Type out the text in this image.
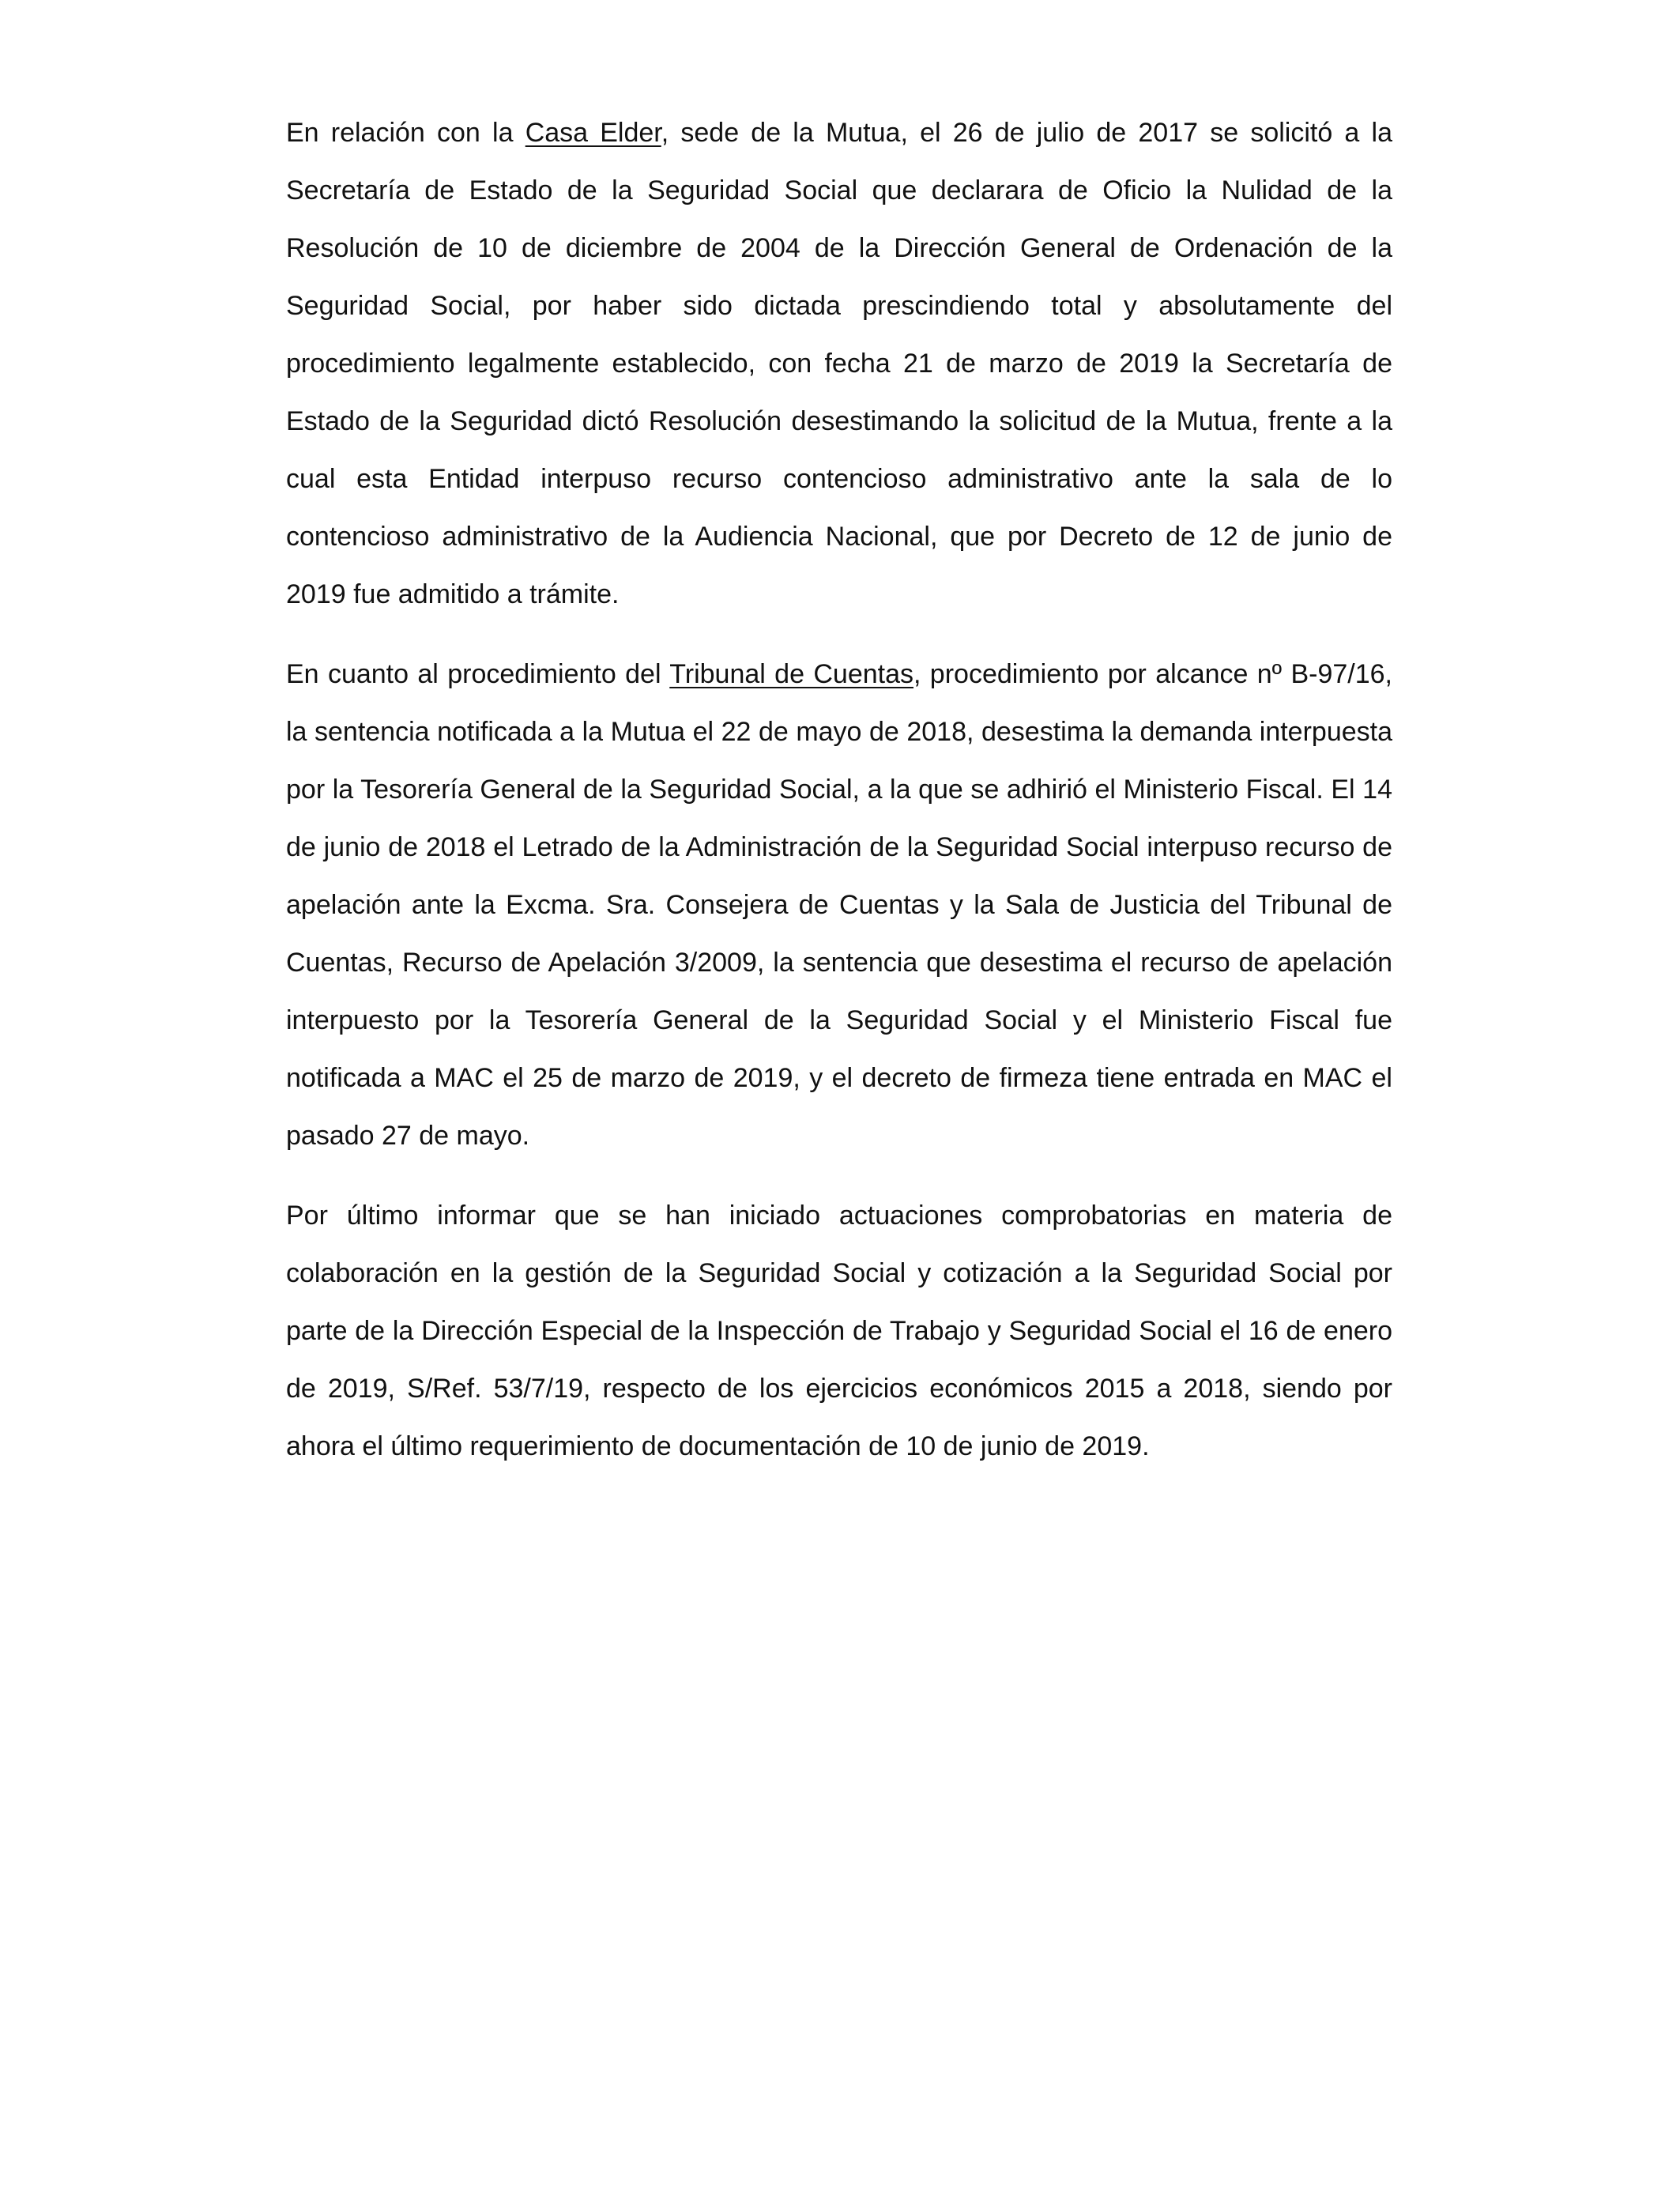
En relación con la Casa Elder, sede de la Mutua, el 26 de julio de 2017 se solicitó a la Secretaría de Estado de la Seguridad Social que declarara de Oficio la Nulidad de la Resolución de 10 de diciembre de 2004 de la Dirección General de Ordenación de la Seguridad Social, por haber sido dictada prescindiendo total y absolutamente del procedimiento legalmente establecido, con fecha 21 de marzo de 2019 la Secretaría de Estado de la Seguridad dictó Resolución desestimando la solicitud de la Mutua, frente a la cual esta Entidad interpuso recurso contencioso administrativo ante la sala de lo contencioso administrativo de la Audiencia Nacional, que por Decreto de 12 de junio de 2019 fue admitido a trámite.

En cuanto al procedimiento del Tribunal de Cuentas, procedimiento por alcance nº B-97/16, la sentencia notificada a la Mutua el 22 de mayo de 2018, desestima la demanda interpuesta por la Tesorería General de la Seguridad Social, a la que se adhirió el Ministerio Fiscal. El 14 de junio de 2018 el Letrado de la Administración de la Seguridad Social interpuso recurso de apelación ante la Excma. Sra. Consejera de Cuentas y la Sala de Justicia del Tribunal de Cuentas, Recurso de Apelación 3/2009, la sentencia que desestima el recurso de apelación interpuesto por la Tesorería General de la Seguridad Social y el Ministerio Fiscal fue notificada a MAC el 25 de marzo de 2019, y el decreto de firmeza tiene entrada en MAC el pasado 27 de mayo.

Por último informar que se han iniciado actuaciones comprobatorias en materia de colaboración en la gestión de la Seguridad Social y cotización a la Seguridad Social por parte de la Dirección Especial de la Inspección de Trabajo y Seguridad Social el 16 de enero de 2019, S/Ref. 53/7/19, respecto de los ejercicios económicos 2015 a 2018, siendo por ahora el último requerimiento de documentación de 10 de junio de 2019.
